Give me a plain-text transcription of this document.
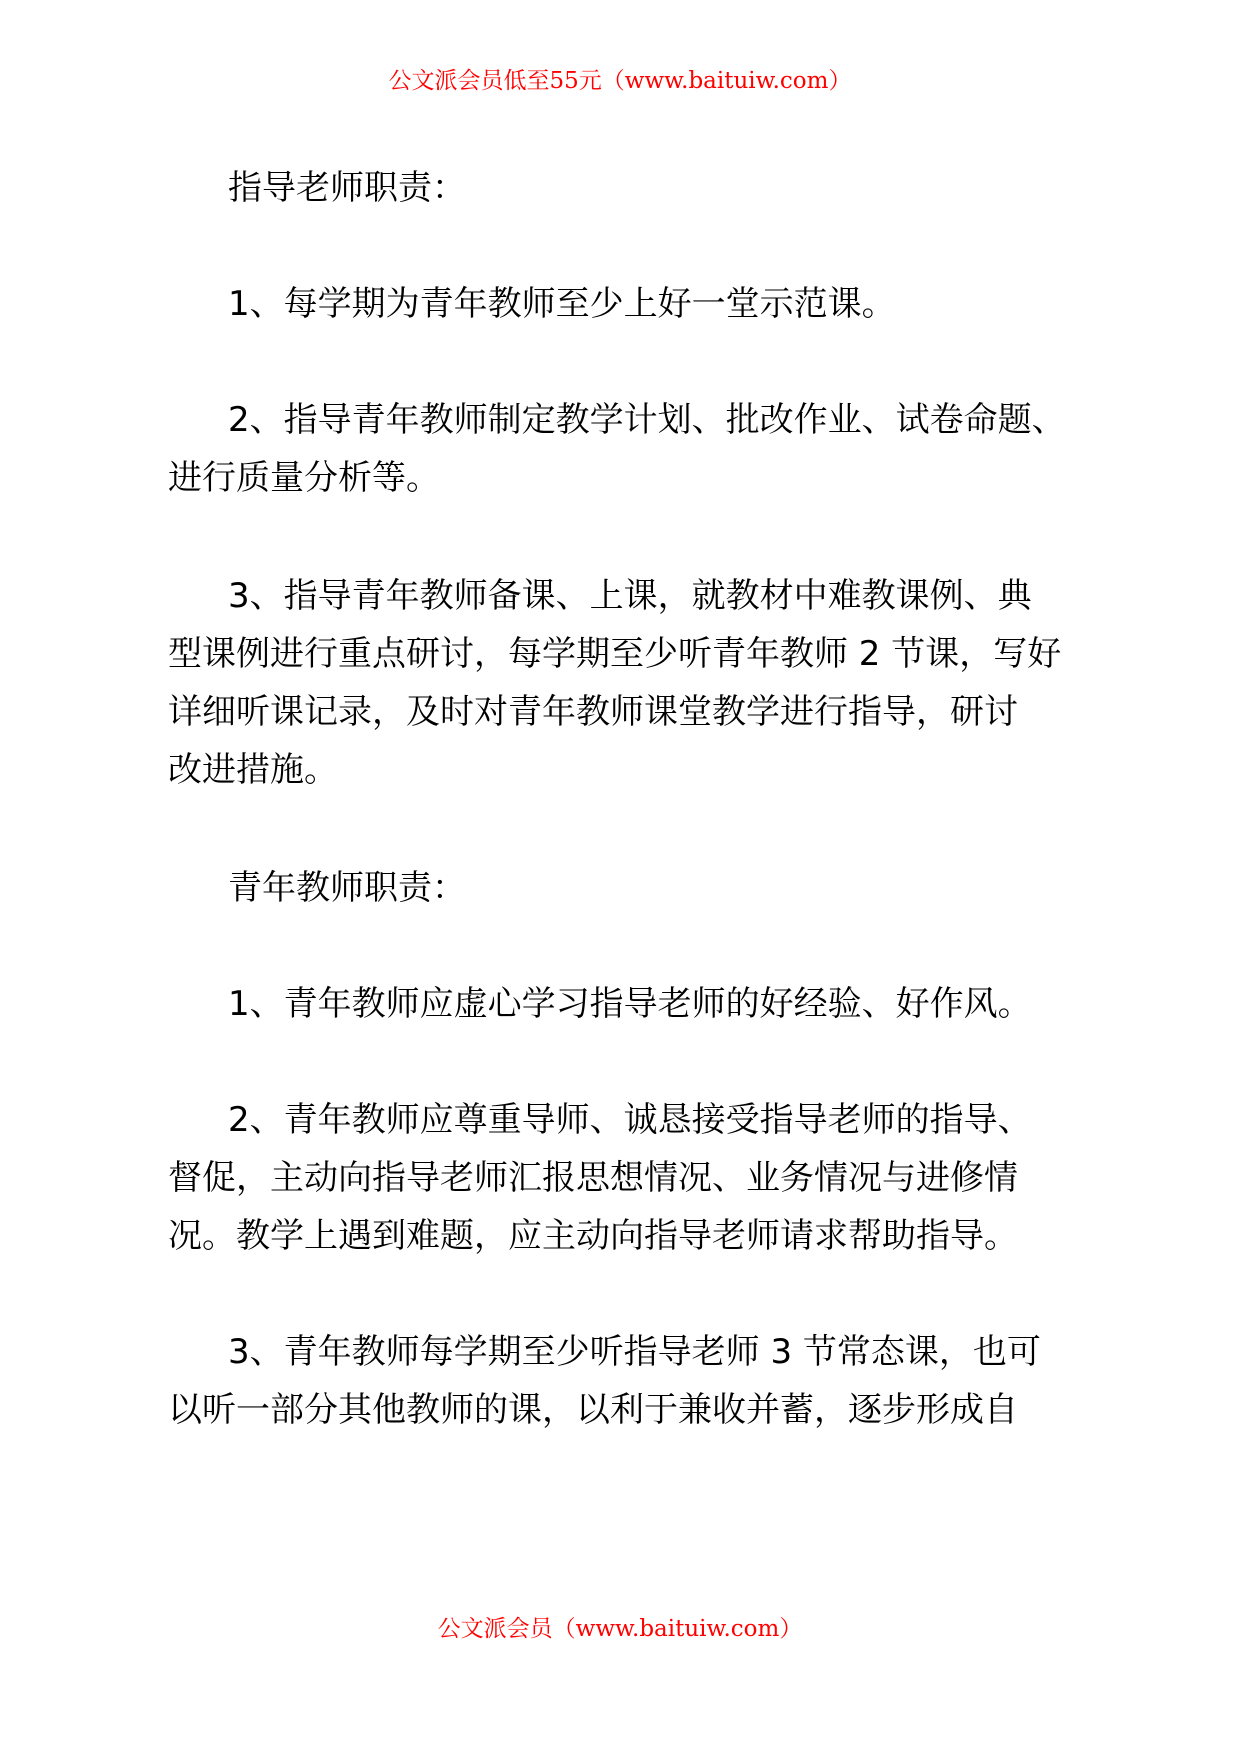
公文派会员低至55元（www.baituiw.com）
指导老师职责：
1、每学期为青年教师至少上好一堂示范课。
2、指导青年教师制定教学计划、批改作业、试卷命题、
进行质量分析等。
3、指导青年教师备课、上课，就教材中难教课例、典
型课例进行重点研讨，每学期至少听青年教师 2 节课，写好
详细听课记录，及时对青年教师课堂教学进行指导，研讨
改进措施。
青年教师职责：
1、青年教师应虚心学习指导老师的好经验、好作风。
2、青年教师应尊重导师、诚恳接受指导老师的指导、
督促，主动向指导老师汇报思想情况、业务情况与进修情
况。教学上遇到难题，应主动向指导老师请求帮助指导。
3、青年教师每学期至少听指导老师 3 节常态课，也可
以听一部分其他教师的课，以利于兼收并蓄，逐步形成自
公文派会员（www.baituiw.com）
